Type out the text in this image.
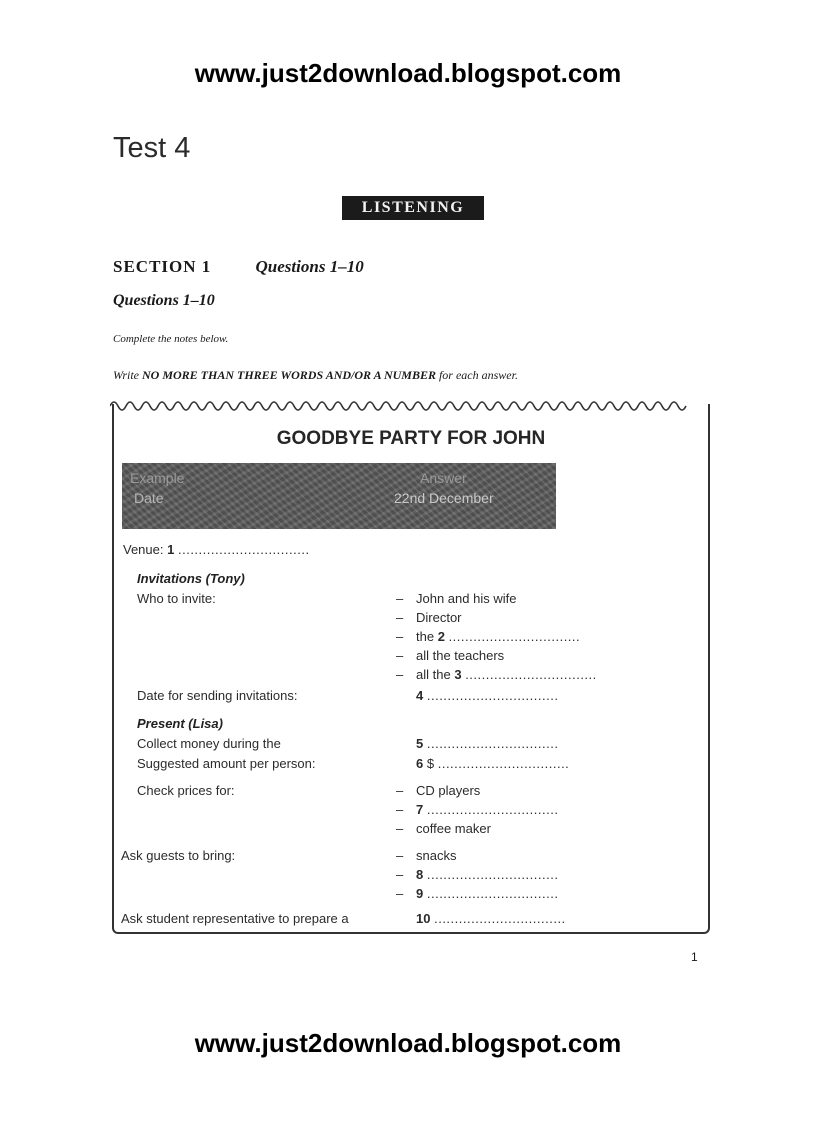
www.just2download.blogspot.com
Test 4
LISTENING
SECTION 1	Questions 1–10
Questions 1–10
Complete the notes below.
Write NO MORE THAN THREE WORDS AND/OR A NUMBER for each answer.
GOODBYE PARTY FOR JOHN
Example	Answer
Date	22nd December
Venue: 1 ................................
Invitations (Tony)
Who to invite:	– John and his wife
– Director
– the 2 ................................
– all the teachers
– all the 3 ................................
Date for sending invitations:	4 ................................
Present (Lisa)
Collect money during the	5 ................................
Suggested amount per person:	6 $ ................................
Check prices for:	– CD players
– 7 ................................
– coffee maker
Ask guests to bring:	– snacks
– 8 ................................
– 9 ................................
Ask student representative to prepare a	10 ................................
1
www.just2download.blogspot.com
